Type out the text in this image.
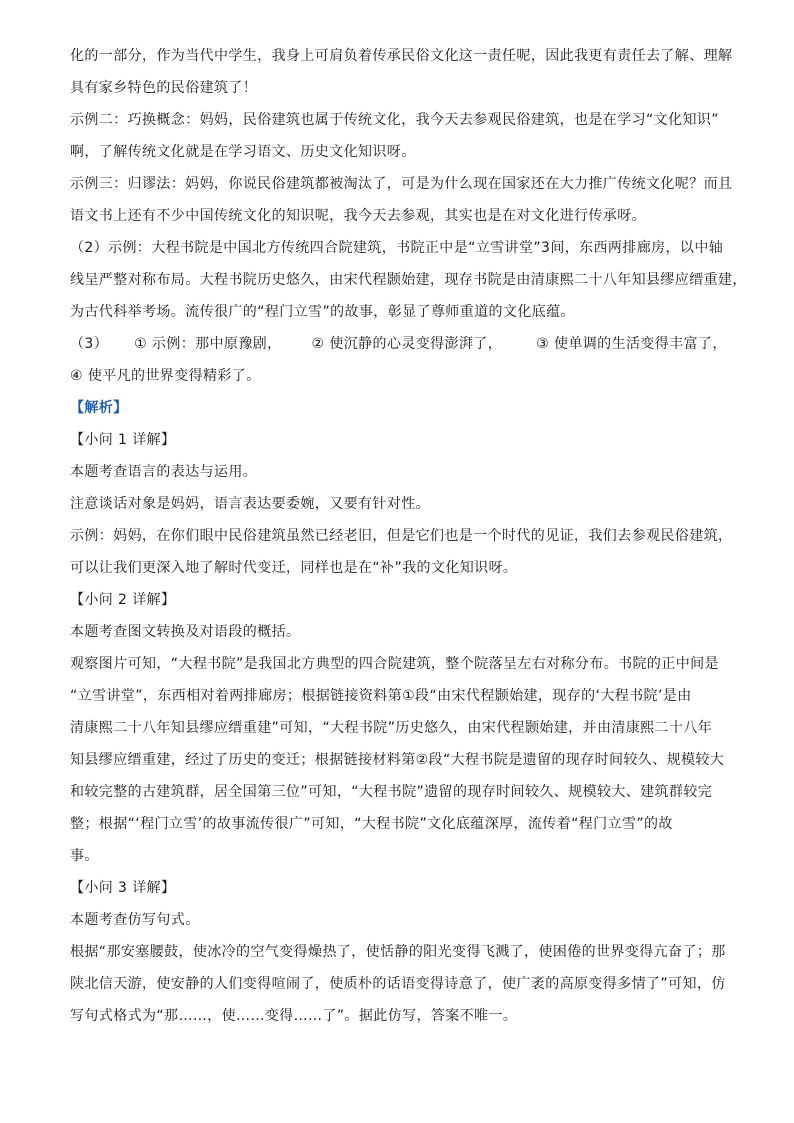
化的一部分，作为当代中学生，我身上可肩负着传承民俗文化这一责任呢，因此我更有责任去了解、理解
具有家乡特色的民俗建筑了！
示例二：巧换概念：妈妈，民俗建筑也属于传统文化，我今天去参观民俗建筑，也是在学习“文化知识”
啊，了解传统文化就是在学习语文、历史文化知识呀。
示例三：归谬法：妈妈，你说民俗建筑都被淘汰了，可是为什么现在国家还在大力推广传统文化呢？而且
语文书上还有不少中国传统文化的知识呢，我今天去参观，其实也是在对文化进行传承呀。
（2）示例：大程书院是中国北方传统四合院建筑，书院正中是“立雪讲堂”3间，东西两排廊房，以中轴
线呈严整对称布局。大程书院历史悠久，由宋代程颢始建，现存书院是由清康熙二十八年知县缪应缙重建，
为古代科举考场。流传很广的“程门立雪”的故事，彰显了尊师重道的文化底蕴。
（3） ① 示例：那中原豫剧， ② 使沉静的心灵变得澎湃了， ③ 使单调的生活变得丰富了，
④ 使平凡的世界变得精彩了。
【解析】
【小问 1 详解】
本题考查语言的表达与运用。
注意谈话对象是妈妈，语言表达要委婉，又要有针对性。
示例：妈妈，在你们眼中民俗建筑虽然已经老旧，但是它们也是一个时代的见证，我们去参观民俗建筑，
可以让我们更深入地了解时代变迁，同样也是在“补”我的文化知识呀。
【小问 2 详解】
本题考查图文转换及对语段的概括。
观察图片可知，“大程书院”是我国北方典型的四合院建筑，整个院落呈左右对称分布。书院的正中间是
“立雪讲堂”，东西相对着两排廊房；根据链接资料第①段“由宋代程颢始建，现存的‘大程书院’是由
清康熙二十八年知县缪应缙重建”可知，“大程书院”历史悠久，由宋代程颢始建，并由清康熙二十八年
知县缪应缙重建，经过了历史的变迁；根据链接材料第②段“大程书院是遗留的现存时间较久、规模较大
和较完整的古建筑群，居全国第三位”可知，“大程书院”遗留的现存时间较久、规模较大、建筑群较完
整；根据“‘程门立雪’的故事流传很广”可知，“大程书院”文化底蕴深厚，流传着“程门立雪”的故
事。
【小问 3 详解】
本题考查仿写句式。
根据“那安塞腰鼓，使冰冷的空气变得燥热了，使恬静的阳光变得飞溅了，使困倦的世界变得亢奋了；那
陕北信天游，使安静的人们变得喧闹了，使质朴的话语变得诗意了，使广袤的高原变得多情了”可知，仿
写句式格式为“那……，使……变得……了”。据此仿写，答案不唯一。
